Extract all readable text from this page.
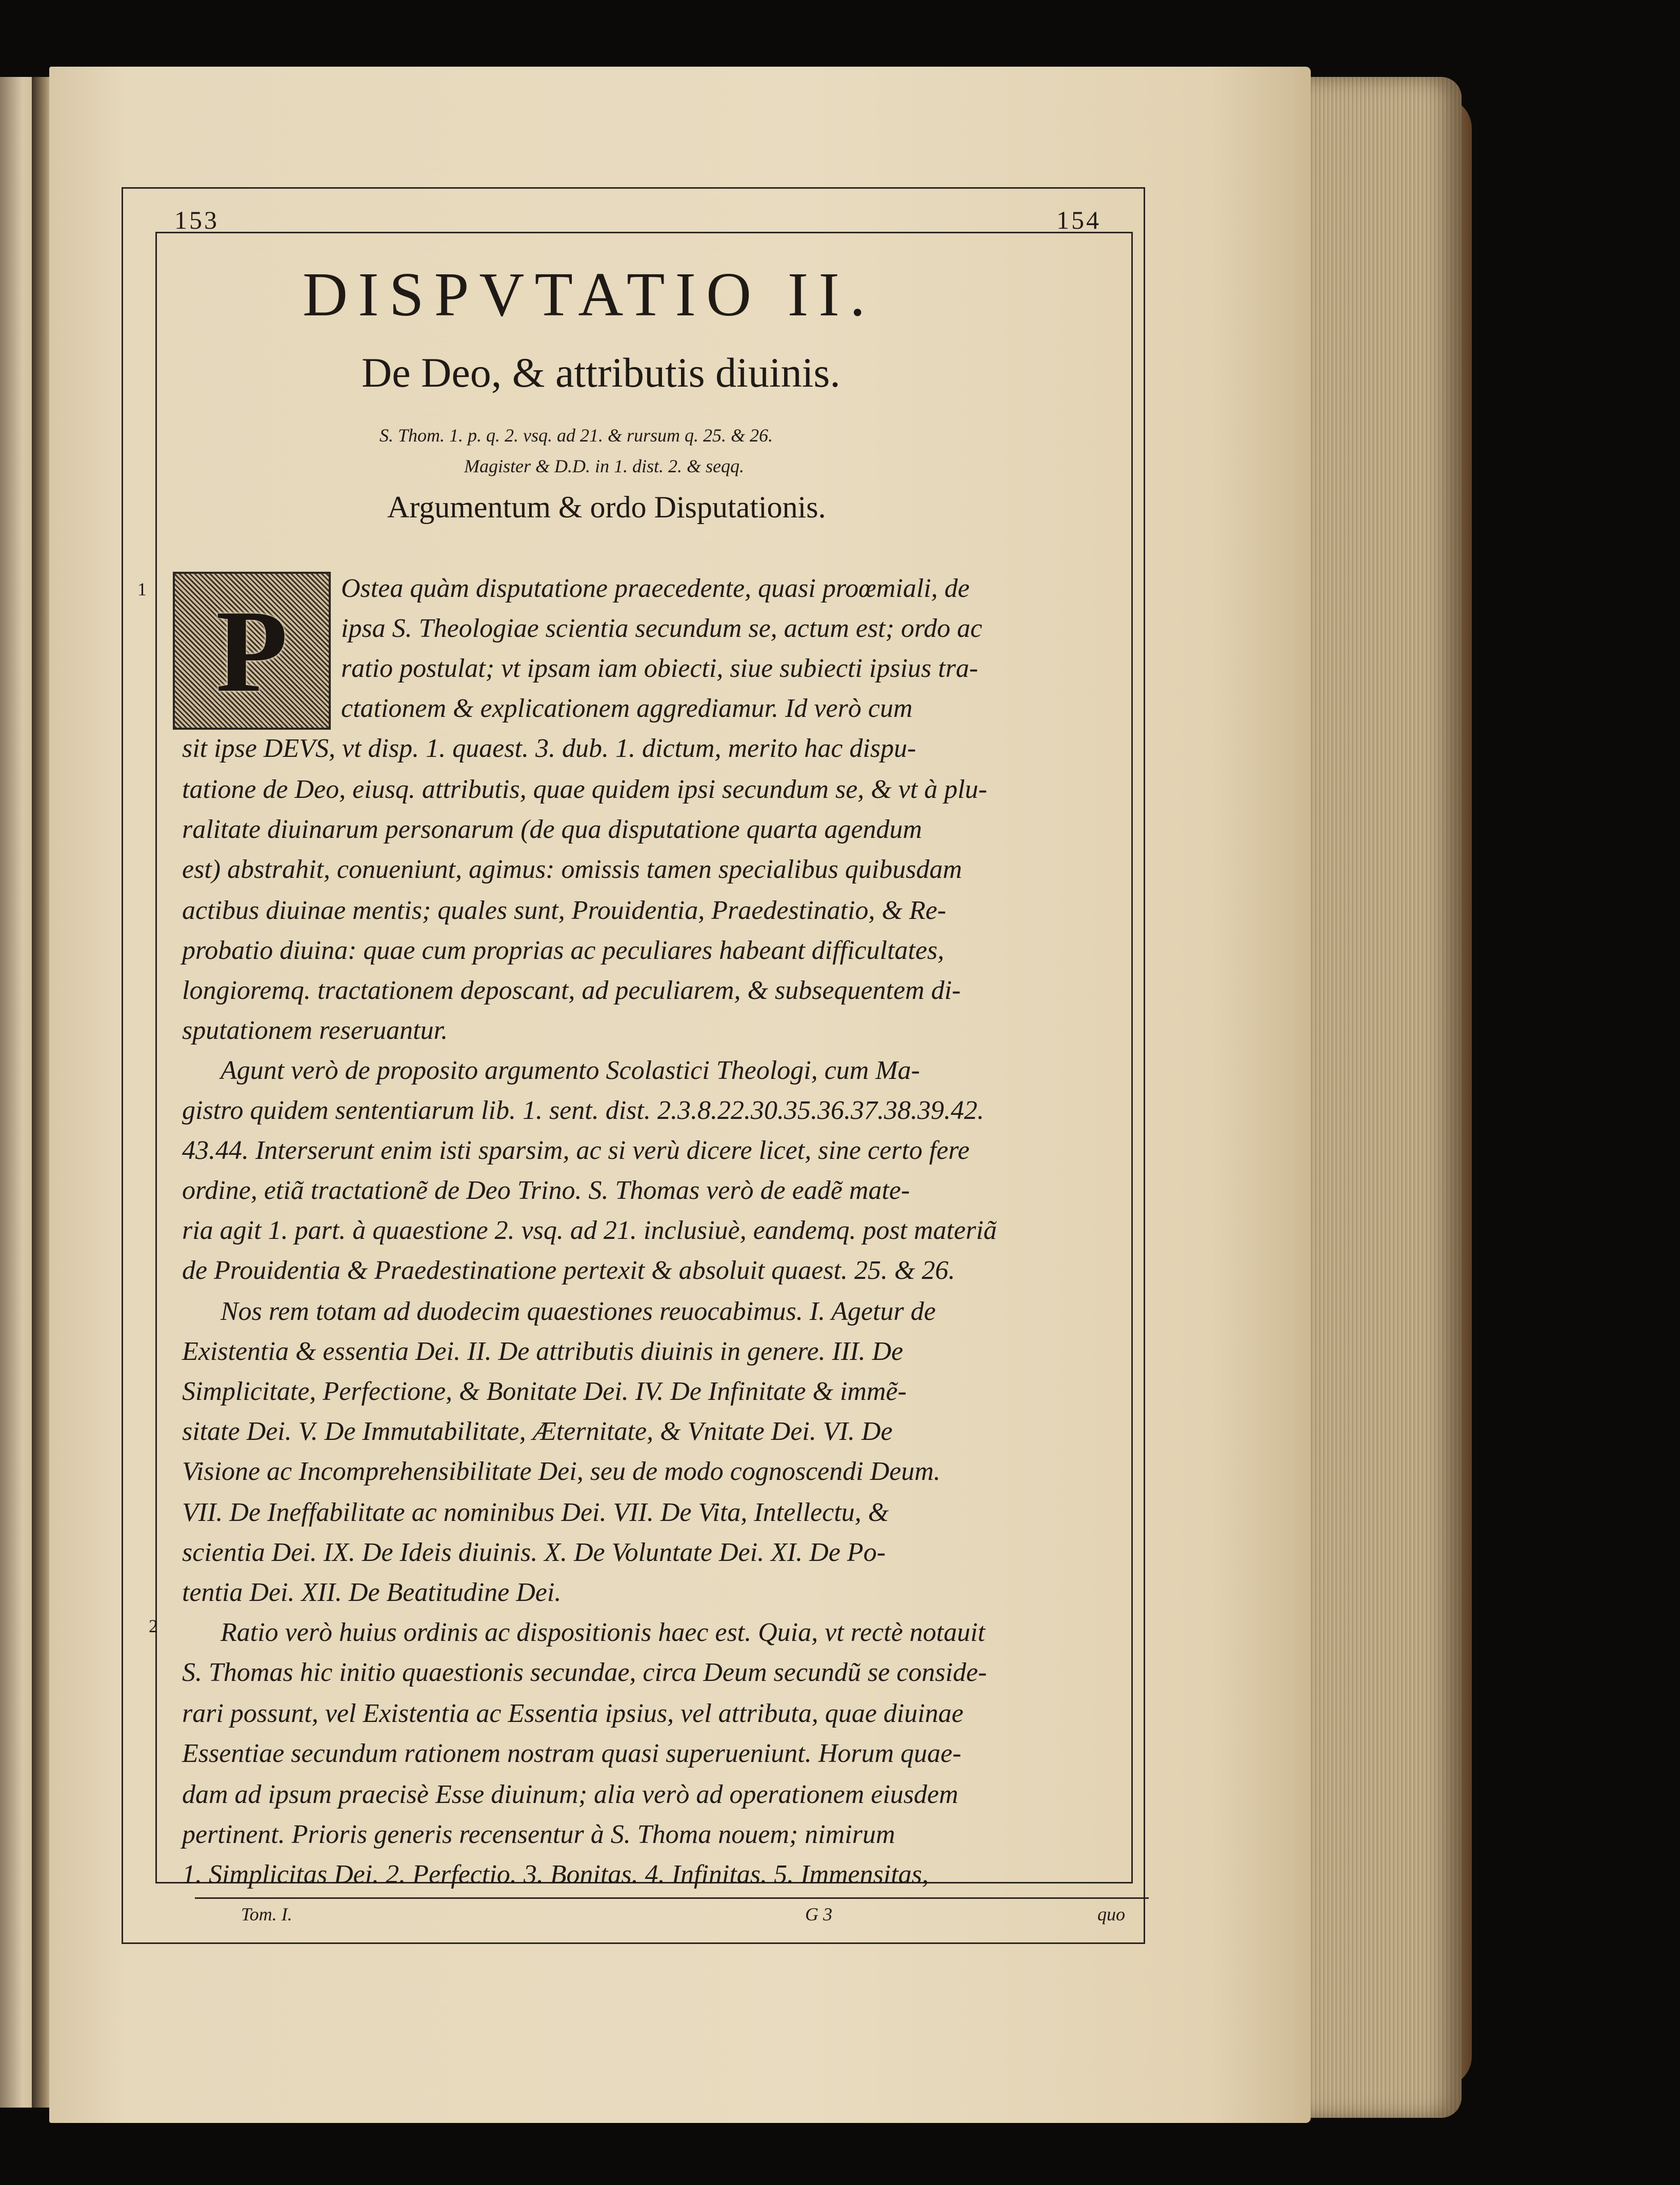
153	154
DISPVTATIO II.
De Deo, & attributis diuinis.
S. Thom. 1. p. q. 2. vsq. ad 21. & rursum q. 25. & 26.
Magister & D.D. in 1. dist. 2. & seqq.
Argumentum & ordo Disputationis.
1
2
P	Ostea quàm disputatione praecedente, quasi proœmiali, de
ipsa S. Theologiae scientia secundum se, actum est; ordo ac
ratio postulat; vt ipsam iam obiecti, siue subiecti ipsius tra-
ctationem & explicationem aggrediamur. Id verò cum
sit ipse DEVS, vt disp. 1. quaest. 3. dub. 1. dictum, merito hac dispu-
tatione de Deo, eiusq. attributis, quae quidem ipsi secundum se, & vt à plu-
ralitate diuinarum personarum (de qua disputatione quarta agendum
est) abstrahit, conueniunt, agimus: omissis tamen specialibus quibusdam
actibus diuinae mentis; quales sunt, Prouidentia, Praedestinatio, & Re-
probatio diuina: quae cum proprias ac peculiares habeant difficultates,
longioremq. tractationem deposcant, ad peculiarem, & subsequentem di-
sputationem reseruantur.
Agunt verò de proposito argumento Scolastici Theologi, cum Ma-
gistro quidem sententiarum lib. 1. sent. dist. 2.3.8.22.30.35.36.37.38.39.42.
43.44. Interserunt enim isti sparsim, ac si verù dicere licet, sine certo fere
ordine, etiã tractationẽ de Deo Trino. S. Thomas verò de eadẽ mate-
ria agit 1. part. à quaestione 2. vsq. ad 21. inclusiuè, eandemq. post materiã
de Prouidentia & Praedestinatione pertexit & absoluit quaest. 25. & 26.
Nos rem totam ad duodecim quaestiones reuocabimus. I. Agetur de
Existentia & essentia Dei. II. De attributis diuinis in genere. III. De
Simplicitate, Perfectione, & Bonitate Dei. IV. De Infinitate & immẽ-
sitate Dei. V. De Immutabilitate, Æternitate, & Vnitate Dei. VI. De
Visione ac Incomprehensibilitate Dei, seu de modo cognoscendi Deum.
VII. De Ineffabilitate ac nominibus Dei. VII. De Vita, Intellectu, &
scientia Dei. IX. De Ideis diuinis. X. De Voluntate Dei. XI. De Po-
tentia Dei. XII. De Beatitudine Dei.
Ratio verò huius ordinis ac dispositionis haec est. Quia, vt rectè notauit
S. Thomas hic initio quaestionis secundae, circa Deum secundũ se conside-
rari possunt, vel Existentia ac Essentia ipsius, vel attributa, quae diuinae
Essentiae secundum rationem nostram quasi superueniunt. Horum quae-
dam ad ipsum praecisè Esse diuinum; alia verò ad operationem eiusdem
pertinent. Prioris generis recensentur à S. Thoma nouem; nimirum
1. Simplicitas Dei. 2. Perfectio. 3. Bonitas. 4. Infinitas. 5. Immensitas,
Tom. I.	G 3	quo
